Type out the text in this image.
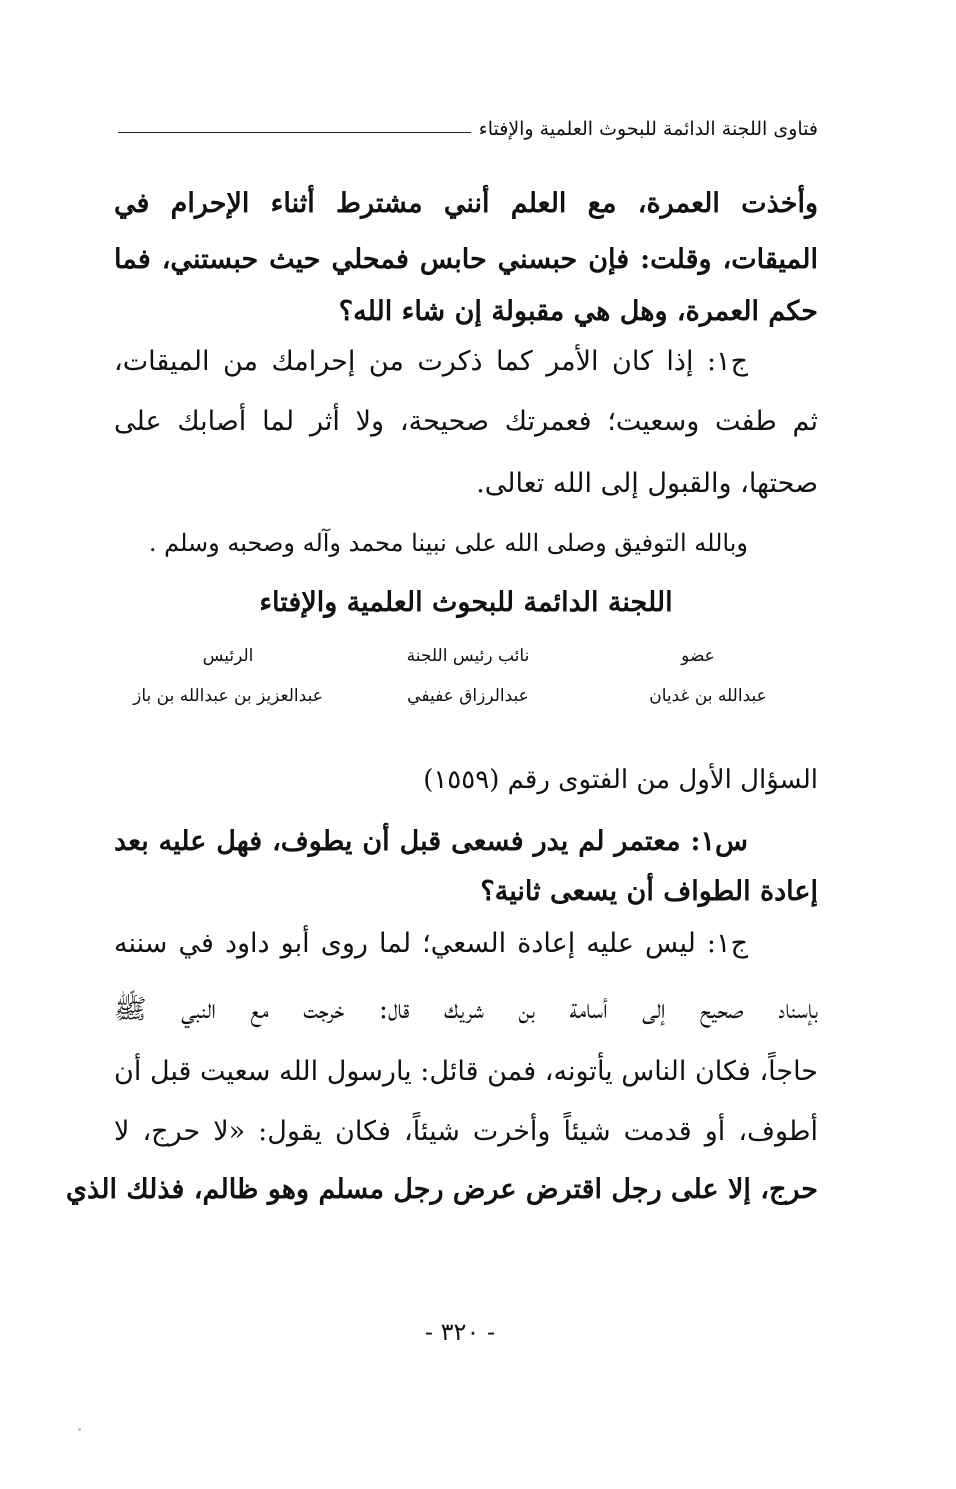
فتاوى اللجنة الدائمة للبحوث العلمية والإفتاء
وأخذت العمرة، مع العلم أنني مشترط أثناء الإحرام في
الميقات، وقلت: فإن حبسني حابس فمحلي حيث حبستني، فما
حكم العمرة، وهل هي مقبولة إن شاء الله؟
ج١: إذا كان الأمر كما ذكرت من إحرامك من الميقات،
ثم طفت وسعيت؛ فعمرتك صحيحة، ولا أثر لما أصابك على
صحتها، والقبول إلى الله تعالى.
وبالله التوفيق وصلى الله على نبينا محمد وآله وصحبه وسلم .
اللجنة الدائمة للبحوث العلمية والإفتاء
عضو
نائب رئيس اللجنة
الرئيس
عبدالله بن غديان
عبدالرزاق عفيفي
عبدالعزيز بن عبدالله بن باز
السؤال الأول من الفتوى رقم (١٥٥٩)
س١: معتمر لم يدر فسعى قبل أن يطوف، فهل عليه بعد
إعادة الطواف أن يسعى ثانية؟
ج١: ليس عليه إعادة السعي؛ لما روى أبو داود في سننه
بإسناد صحيح إلى أسامة بن شريك قال: خرجت مع النبي ﷺ
حاجاً، فكان الناس يأتونه، فمن قائل: يارسول الله سعيت قبل أن
أطوف، أو قدمت شيئاً وأخرت شيئاً، فكان يقول: «لا حرج، لا
حرج، إلا على رجل اقترض عرض رجل مسلم وهو ظالم، فذلك الذي
- ٣٢٠ -
